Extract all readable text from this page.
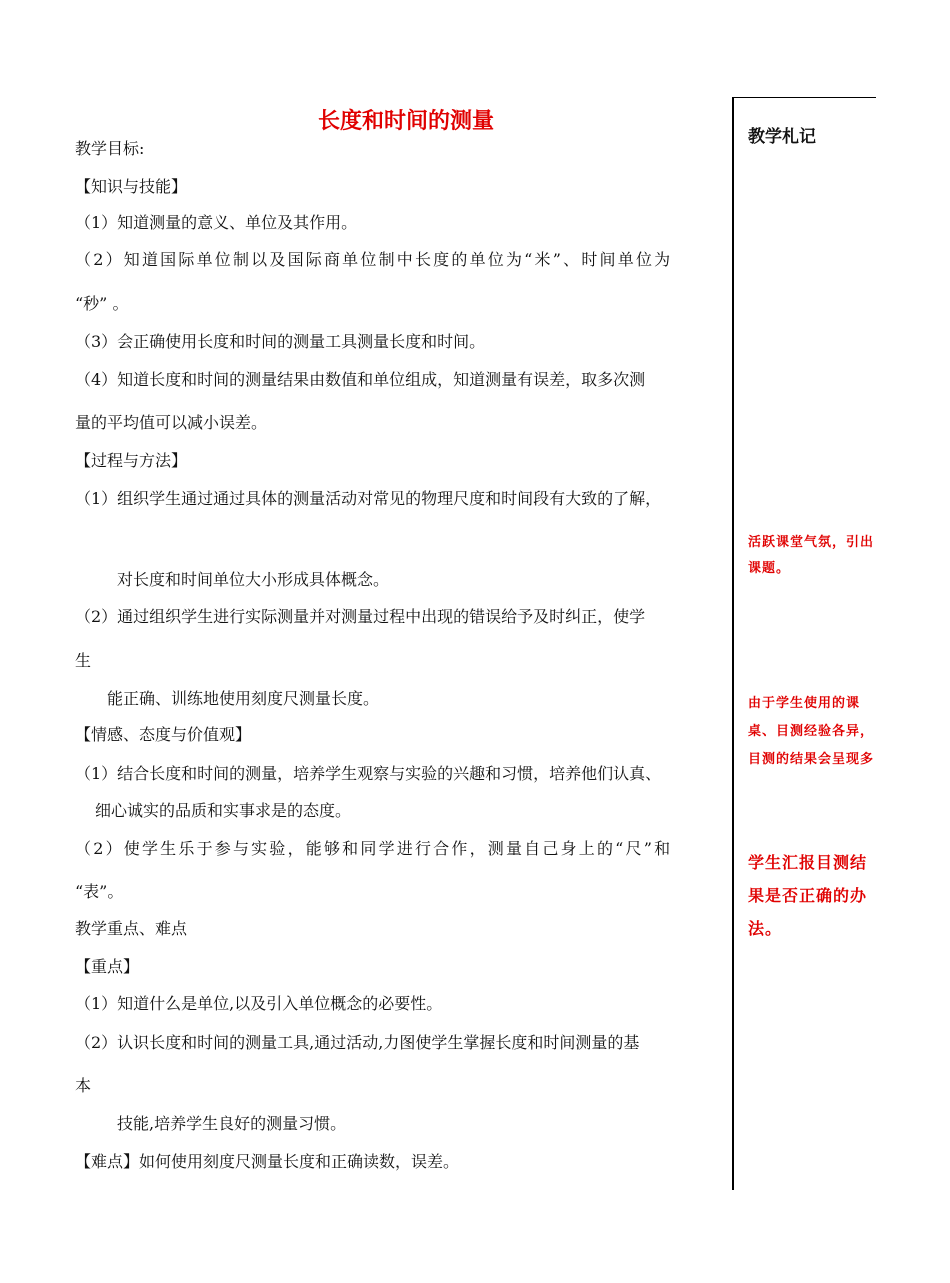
教学札记
活跃课堂气氛，引出课题。
由于学生使用的课桌、目测经验各异，目测的结果会呈现多
学生汇报目测结果是否正确的办法。
长度和时间的测量
教学目标:
【知识与技能】
（1）知道测量的意义、单位及其作用。
（2）知道国际单位制以及国际商单位制中长度的单位为“米”、时间单位为
“秒” 。
（3）会正确使用长度和时间的测量工具测量长度和时间。
（4）知道长度和时间的测量结果由数值和单位组成，知道测量有误差，取多次测
量的平均值可以减小误差。
【过程与方法】
（1）组织学生通过通过具体的测量活动对常见的物理尺度和时间段有大致的了解，
对长度和时间单位大小形成具体概念。
（2）通过组织学生进行实际测量并对测量过程中出现的错误给予及时纠正，使学
生
能正确、训练地使用刻度尺测量长度。
【情感、态度与价值观】
（1）结合长度和时间的测量，培养学生观察与实验的兴趣和习惯，培养他们认真、
细心诚实的品质和实事求是的态度。
（2）使学生乐于参与实验，能够和同学进行合作，测量自己身上的“尺”和
“表”。
教学重点、难点
【重点】
（1）知道什么是单位,以及引入单位概念的必要性。
（2）认识长度和时间的测量工具,通过活动,力图使学生掌握长度和时间测量的基
本
技能,培养学生良好的测量习惯。
【难点】如何使用刻度尺测量长度和正确读数，误差。
